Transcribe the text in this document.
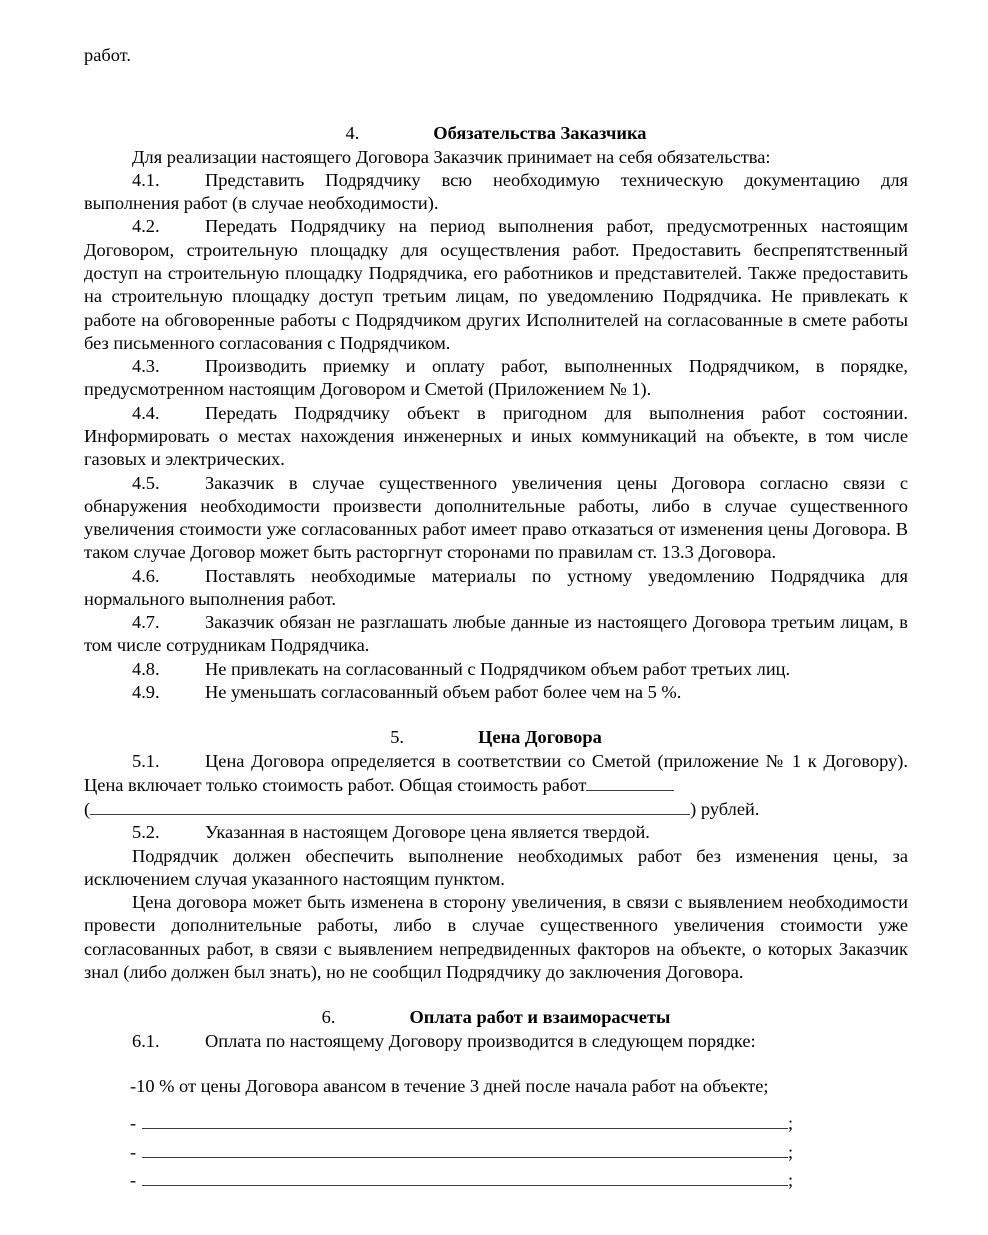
работ.

4.	Обязательства Заказчика

Для реализации настоящего Договора Заказчик принимает на себя обязательства:

4.1. Представить Подрядчику всю необходимую техническую документацию для выполнения работ (в случае необходимости).

4.2. Передать Подрядчику на период выполнения работ, предусмотренных настоящим Договором, строительную площадку для осуществления работ. Предоставить беспрепятственный доступ на строительную площадку Подрядчика, его работников и представителей. Также предоставить на строительную площадку доступ третьим лицам, по уведомлению Подрядчика. Не привлекать к работе на обговоренные работы с Подрядчиком других Исполнителей на согласованные в смете работы без письменного согласования с Подрядчиком.

4.3. Производить приемку и оплату работ, выполненных Подрядчиком, в порядке, предусмотренном настоящим Договором и Сметой (Приложением № 1).

4.4. Передать Подрядчику объект в пригодном для выполнения работ состоянии. Информировать о местах нахождения инженерных и иных коммуникаций на объекте, в том числе газовых и электрических.

4.5. Заказчик в случае существенного увеличения цены Договора согласно связи с обнаружения необходимости произвести дополнительные работы, либо в случае существенного увеличения стоимости уже согласованных работ имеет право отказаться от изменения цены Договора. В таком случае Договор может быть расторгнут сторонами по правилам ст. 13.3 Договора.

4.6. Поставлять необходимые материалы по устному уведомлению Подрядчика для нормального выполнения работ.

4.7. Заказчик обязан не разглашать любые данные из настоящего Договора третьим лицам, в том числе сотрудникам Подрядчика.

4.8. Не привлекать на согласованный с Подрядчиком объем работ третьих лиц.

4.9. Не уменьшать согласованный объем работ более чем на 5 %.

5.	Цена Договора

5.1. Цена Договора определяется в соответствии со Сметой (приложение № 1 к Договору). Цена включает только стоимость работ. Общая стоимость работ

(	) рублей.

5.2. Указанная в настоящем Договоре цена является твердой.

Подрядчик должен обеспечить выполнение необходимых работ без изменения цены, за исключением случая указанного настоящим пунктом.

Цена договора может быть изменена в сторону увеличения, в связи с выявлением необходимости провести дополнительные работы, либо в случае существенного увеличения стоимости уже согласованных работ, в связи с выявлением непредвиденных факторов на объекте, о которых Заказчик знал (либо должен был знать), но не сообщил Подрядчику до заключения Договора.

6.	Оплата работ и взаиморасчеты

6.1. Оплата по настоящему Договору производится в следующем порядке:

-10 % от цены Договора авансом в течение 3 дней после начала работ на объекте;

-	;

-	;

-	;
